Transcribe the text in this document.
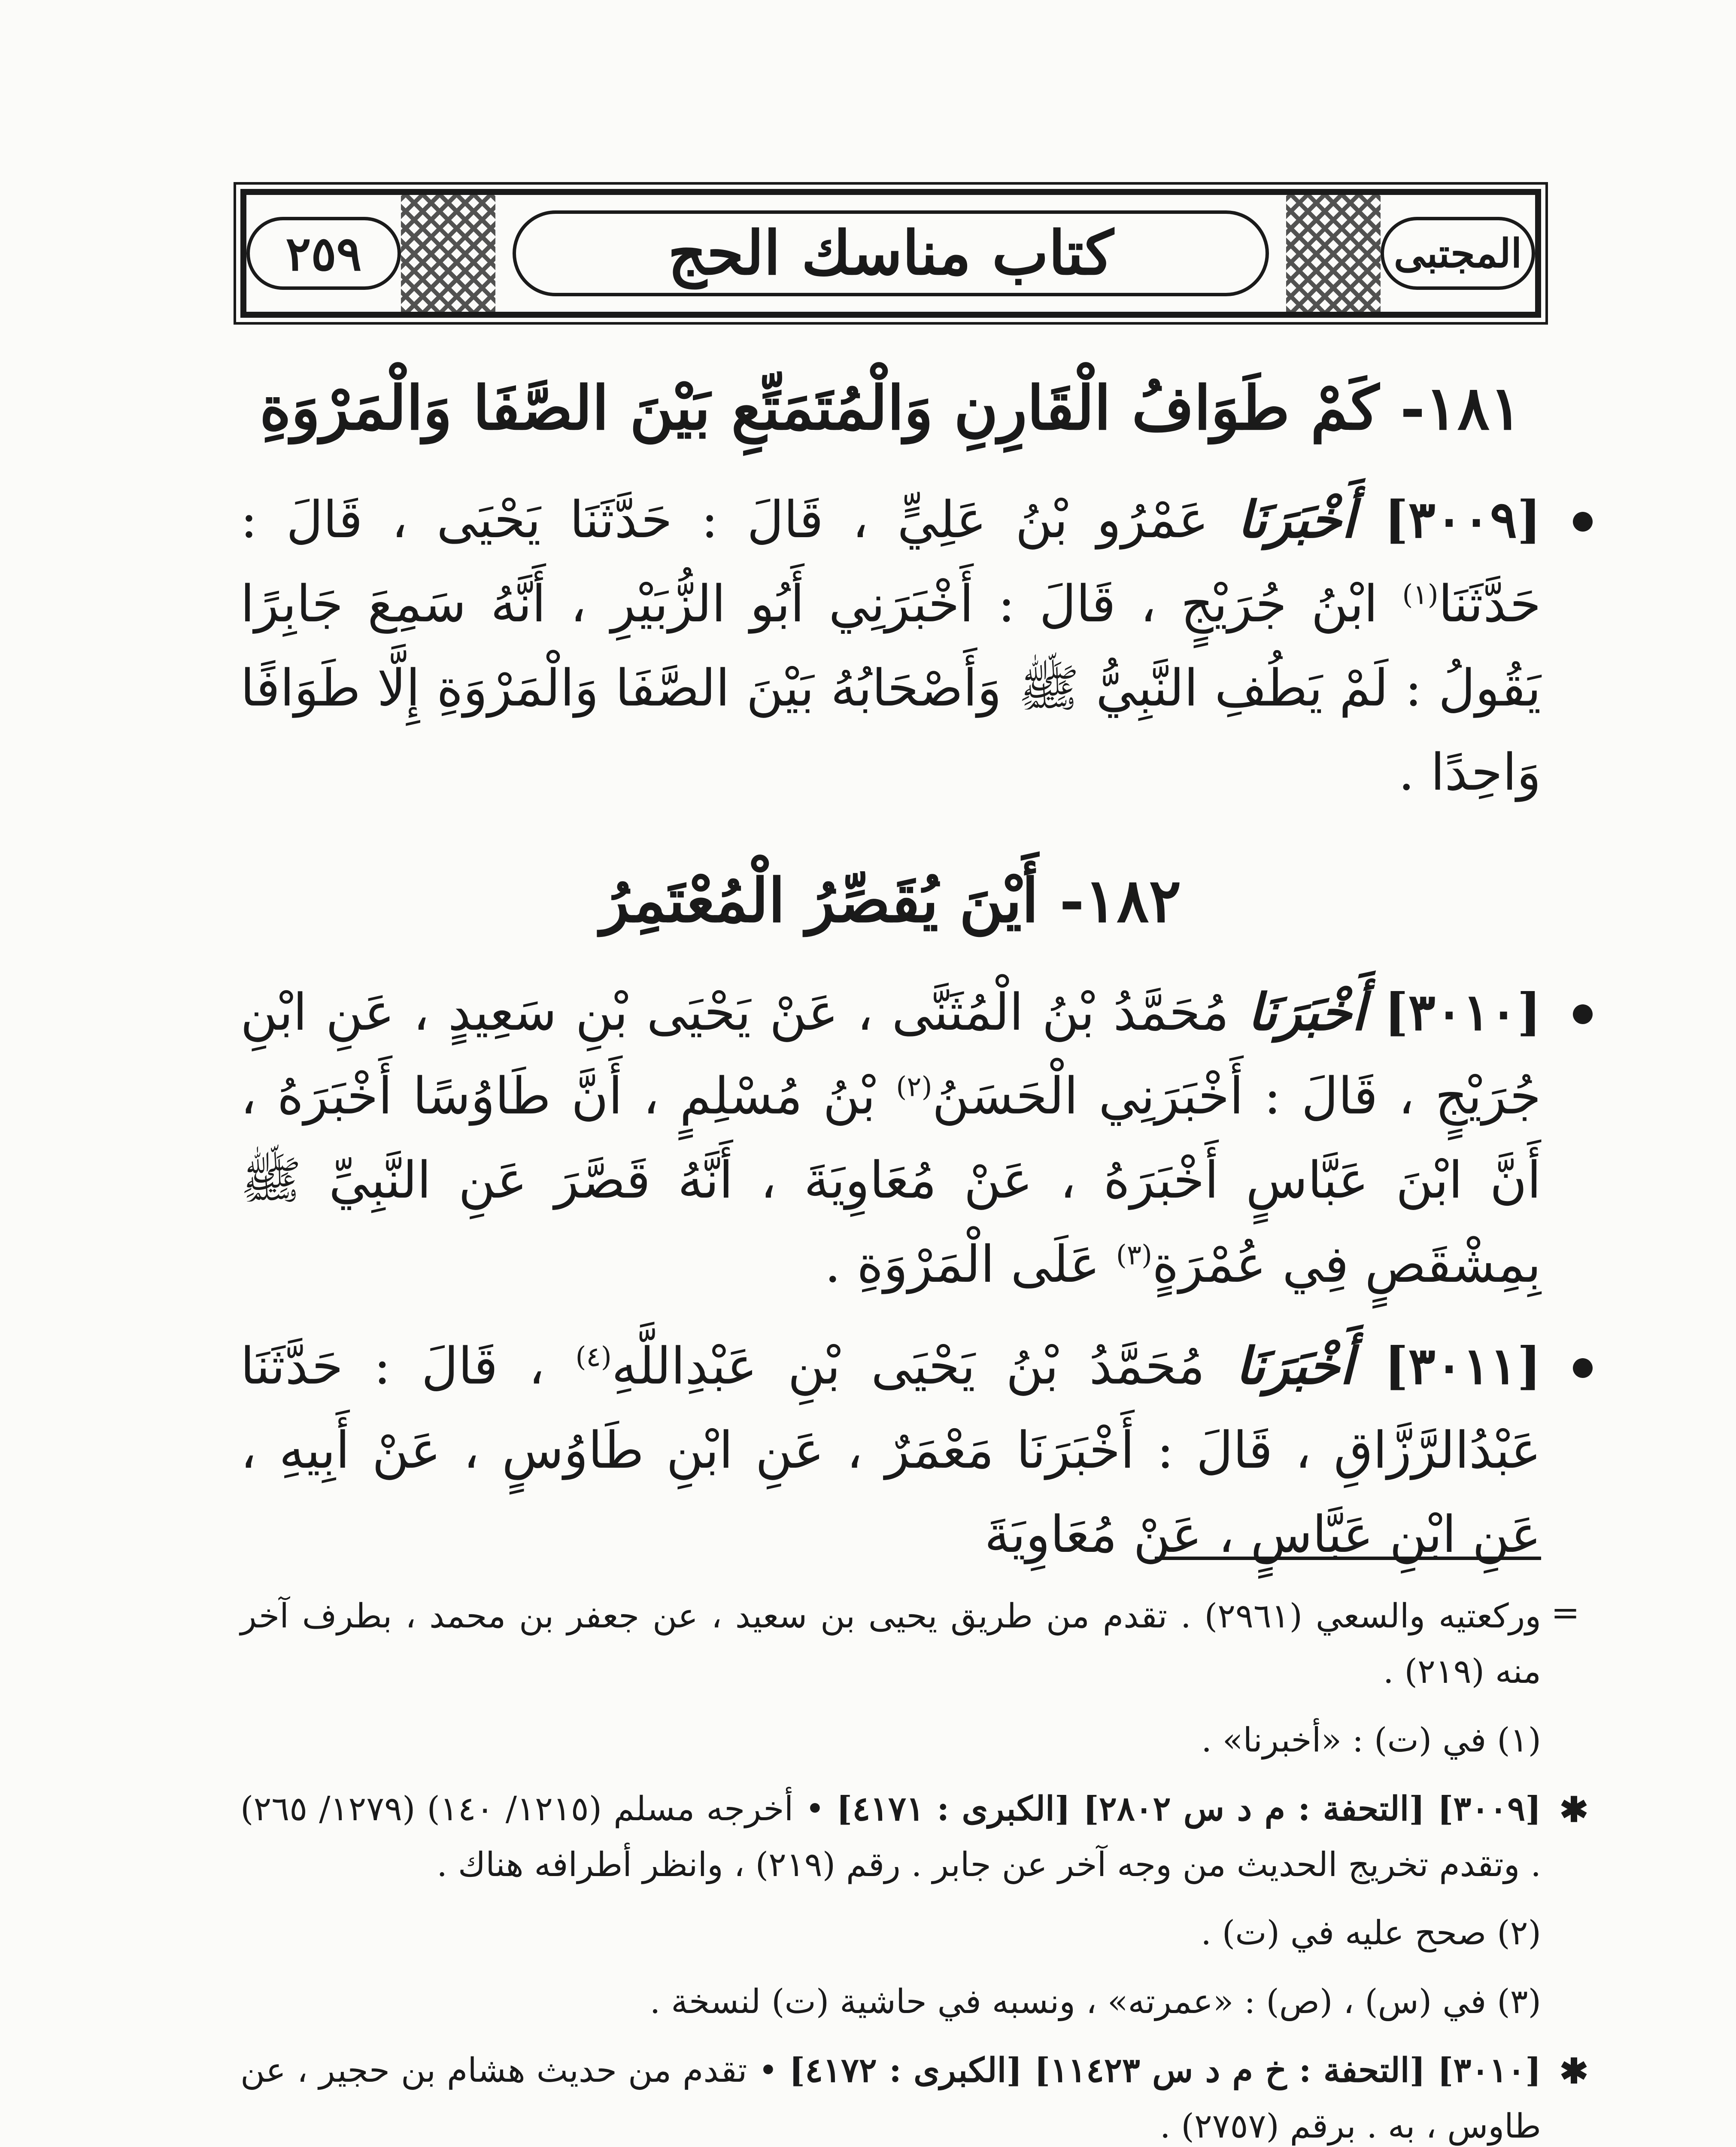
٢٥٩	كتاب مناسك الحج	المجتبى
١٨١- كَمْ طَوَافُ الْقَارِنِ وَالْمُتَمَتِّعِ بَيْنَ الصَّفَا وَالْمَرْوَةِ

[٣٠٠٩] أَخْبَرَنَا عَمْرُو بْنُ عَلِيٍّ ، قَالَ : حَدَّثَنَا يَحْيَى ، قَالَ : حَدَّثَنَا$^{(١)}$ ابْنُ جُرَيْجٍ ، قَالَ : أَخْبَرَنِي أَبُو الزُّبَيْرِ ، أَنَّهُ سَمِعَ جَابِرًا يَقُولُ : لَمْ يَطُفِ النَّبِيُّ ﷺ وَأَصْحَابُهُ بَيْنَ الصَّفَا وَالْمَرْوَةِ إِلَّا طَوَافًا وَاحِدًا .

١٨٢- أَيْنَ يُقَصِّرُ الْمُعْتَمِرُ

[٣٠١٠] أَخْبَرَنَا مُحَمَّدُ بْنُ الْمُثَنَّى ، عَنْ يَحْيَى بْنِ سَعِيدٍ ، عَنِ ابْنِ جُرَيْجٍ ، قَالَ : أَخْبَرَنِي الْحَسَنُ$^{(٢)}$ بْنُ مُسْلِمٍ ، أَنَّ طَاوُسًا أَخْبَرَهُ ، أَنَّ ابْنَ عَبَّاسٍ أَخْبَرَهُ ، عَنْ مُعَاوِيَةَ ، أَنَّهُ قَصَّرَ عَنِ النَّبِيِّ ﷺ بِمِشْقَصٍ فِي عُمْرَةٍ$^{(٣)}$ عَلَى الْمَرْوَةِ .

[٣٠١١] أَخْبَرَنَا مُحَمَّدُ بْنُ يَحْيَى بْنِ عَبْدِاللَّهِ$^{(٤)}$ ، قَالَ : حَدَّثَنَا عَبْدُالرَّزَّاقِ ، قَالَ : أَخْبَرَنَا مَعْمَرٌ ، عَنِ ابْنِ طَاوُسٍ ، عَنْ أَبِيهِ ، عَنِ ابْنِ عَبَّاسٍ ، عَنْ مُعَاوِيَةَ

=
وركعتيه والسعي (٢٩٦١) . تقدم من طريق يحيى بن سعيد ، عن جعفر بن محمد ، بطرف آخر منه (٢١٩) .

(١) في (ت) : «أخبرنا» .

✱
[٣٠٠٩] [التحفة : م د س ٢٨٠٢] [الكبرى : ٤١٧١] • أخرجه مسلم (١٢١٥/ ١٤٠) (١٢٧٩/ ٢٦٥) . وتقدم تخريج الحديث من وجه آخر عن جابر . رقم (٢١٩) ، وانظر أطرافه هناك .

(٢) صحح عليه في (ت) .

(٣) في (س) ، (ص) : «عمرته» ، ونسبه في حاشية (ت) لنسخة .

✱
[٣٠١٠] [التحفة : خ م د س ١١٤٢٣] [الكبرى : ٤١٧٢] • تقدم من حديث هشام بن حجير ، عن طاوس ، به . برقم (٢٧٥٧) .
